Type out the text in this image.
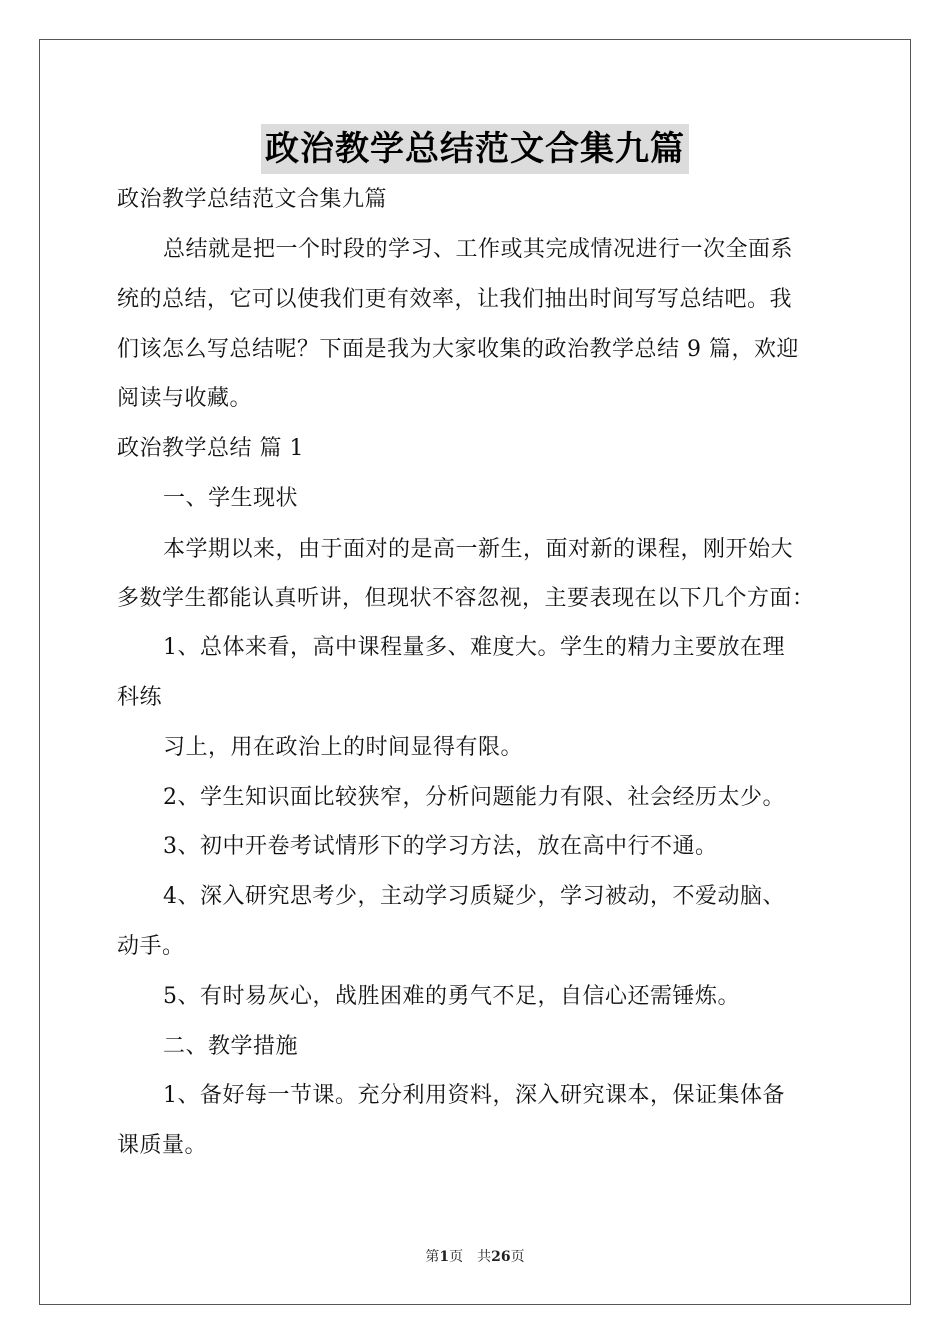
政治教学总结范文合集九篇
政治教学总结范文合集九篇
总结就是把一个时段的学习、工作或其完成情况进行一次全面系
统的总结，它可以使我们更有效率，让我们抽出时间写写总结吧。我
们该怎么写总结呢？下面是我为大家收集的政治教学总结 9 篇，欢迎
阅读与收藏。
政治教学总结 篇 1
一、学生现状
本学期以来，由于面对的是高一新生，面对新的课程，刚开始大
多数学生都能认真听讲，但现状不容忽视，主要表现在以下几个方面：
1、总体来看，高中课程量多、难度大。学生的精力主要放在理
科练
习上，用在政治上的时间显得有限。
2、学生知识面比较狭窄，分析问题能力有限、社会经历太少。
3、初中开卷考试情形下的学习方法，放在高中行不通。
4、深入研究思考少，主动学习质疑少，学习被动，不爱动脑、
动手。
5、有时易灰心，战胜困难的勇气不足，自信心还需锤炼。
二、教学措施
1、备好每一节课。充分利用资料，深入研究课本，保证集体备
课质量。
第1页　共26页
